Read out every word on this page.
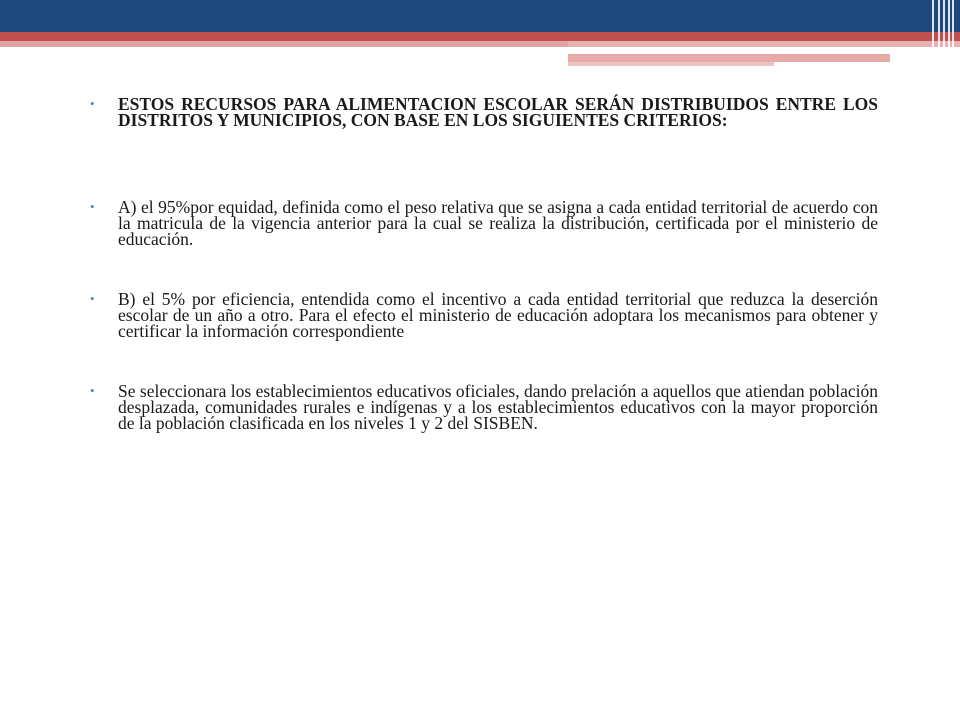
• ESTOS RECURSOS PARA ALIMENTACION ESCOLAR SERÁN DISTRIBUIDOS ENTRE LOS DISTRITOS Y MUNICIPIOS, CON BASE EN LOS SIGUIENTES CRITERIOS:
• A) el 95%por equidad, definida como el peso relativa que se asigna a cada entidad territorial de acuerdo con la matricula de la vigencia anterior para la cual se realiza la distribución, certificada por el ministerio de educación.
• B) el 5% por eficiencia, entendida como el incentivo a cada entidad territorial que reduzca la deserción escolar de un año a otro. Para el efecto el ministerio de educación adoptara los mecanismos para obtener y certificar la información correspondiente
• Se seleccionara los establecimientos educativos oficiales, dando prelación a aquellos que atiendan población desplazada, comunidades rurales e indígenas y a los establecimientos educativos con la mayor proporción de la población clasificada en los niveles 1 y 2 del SISBEN.
